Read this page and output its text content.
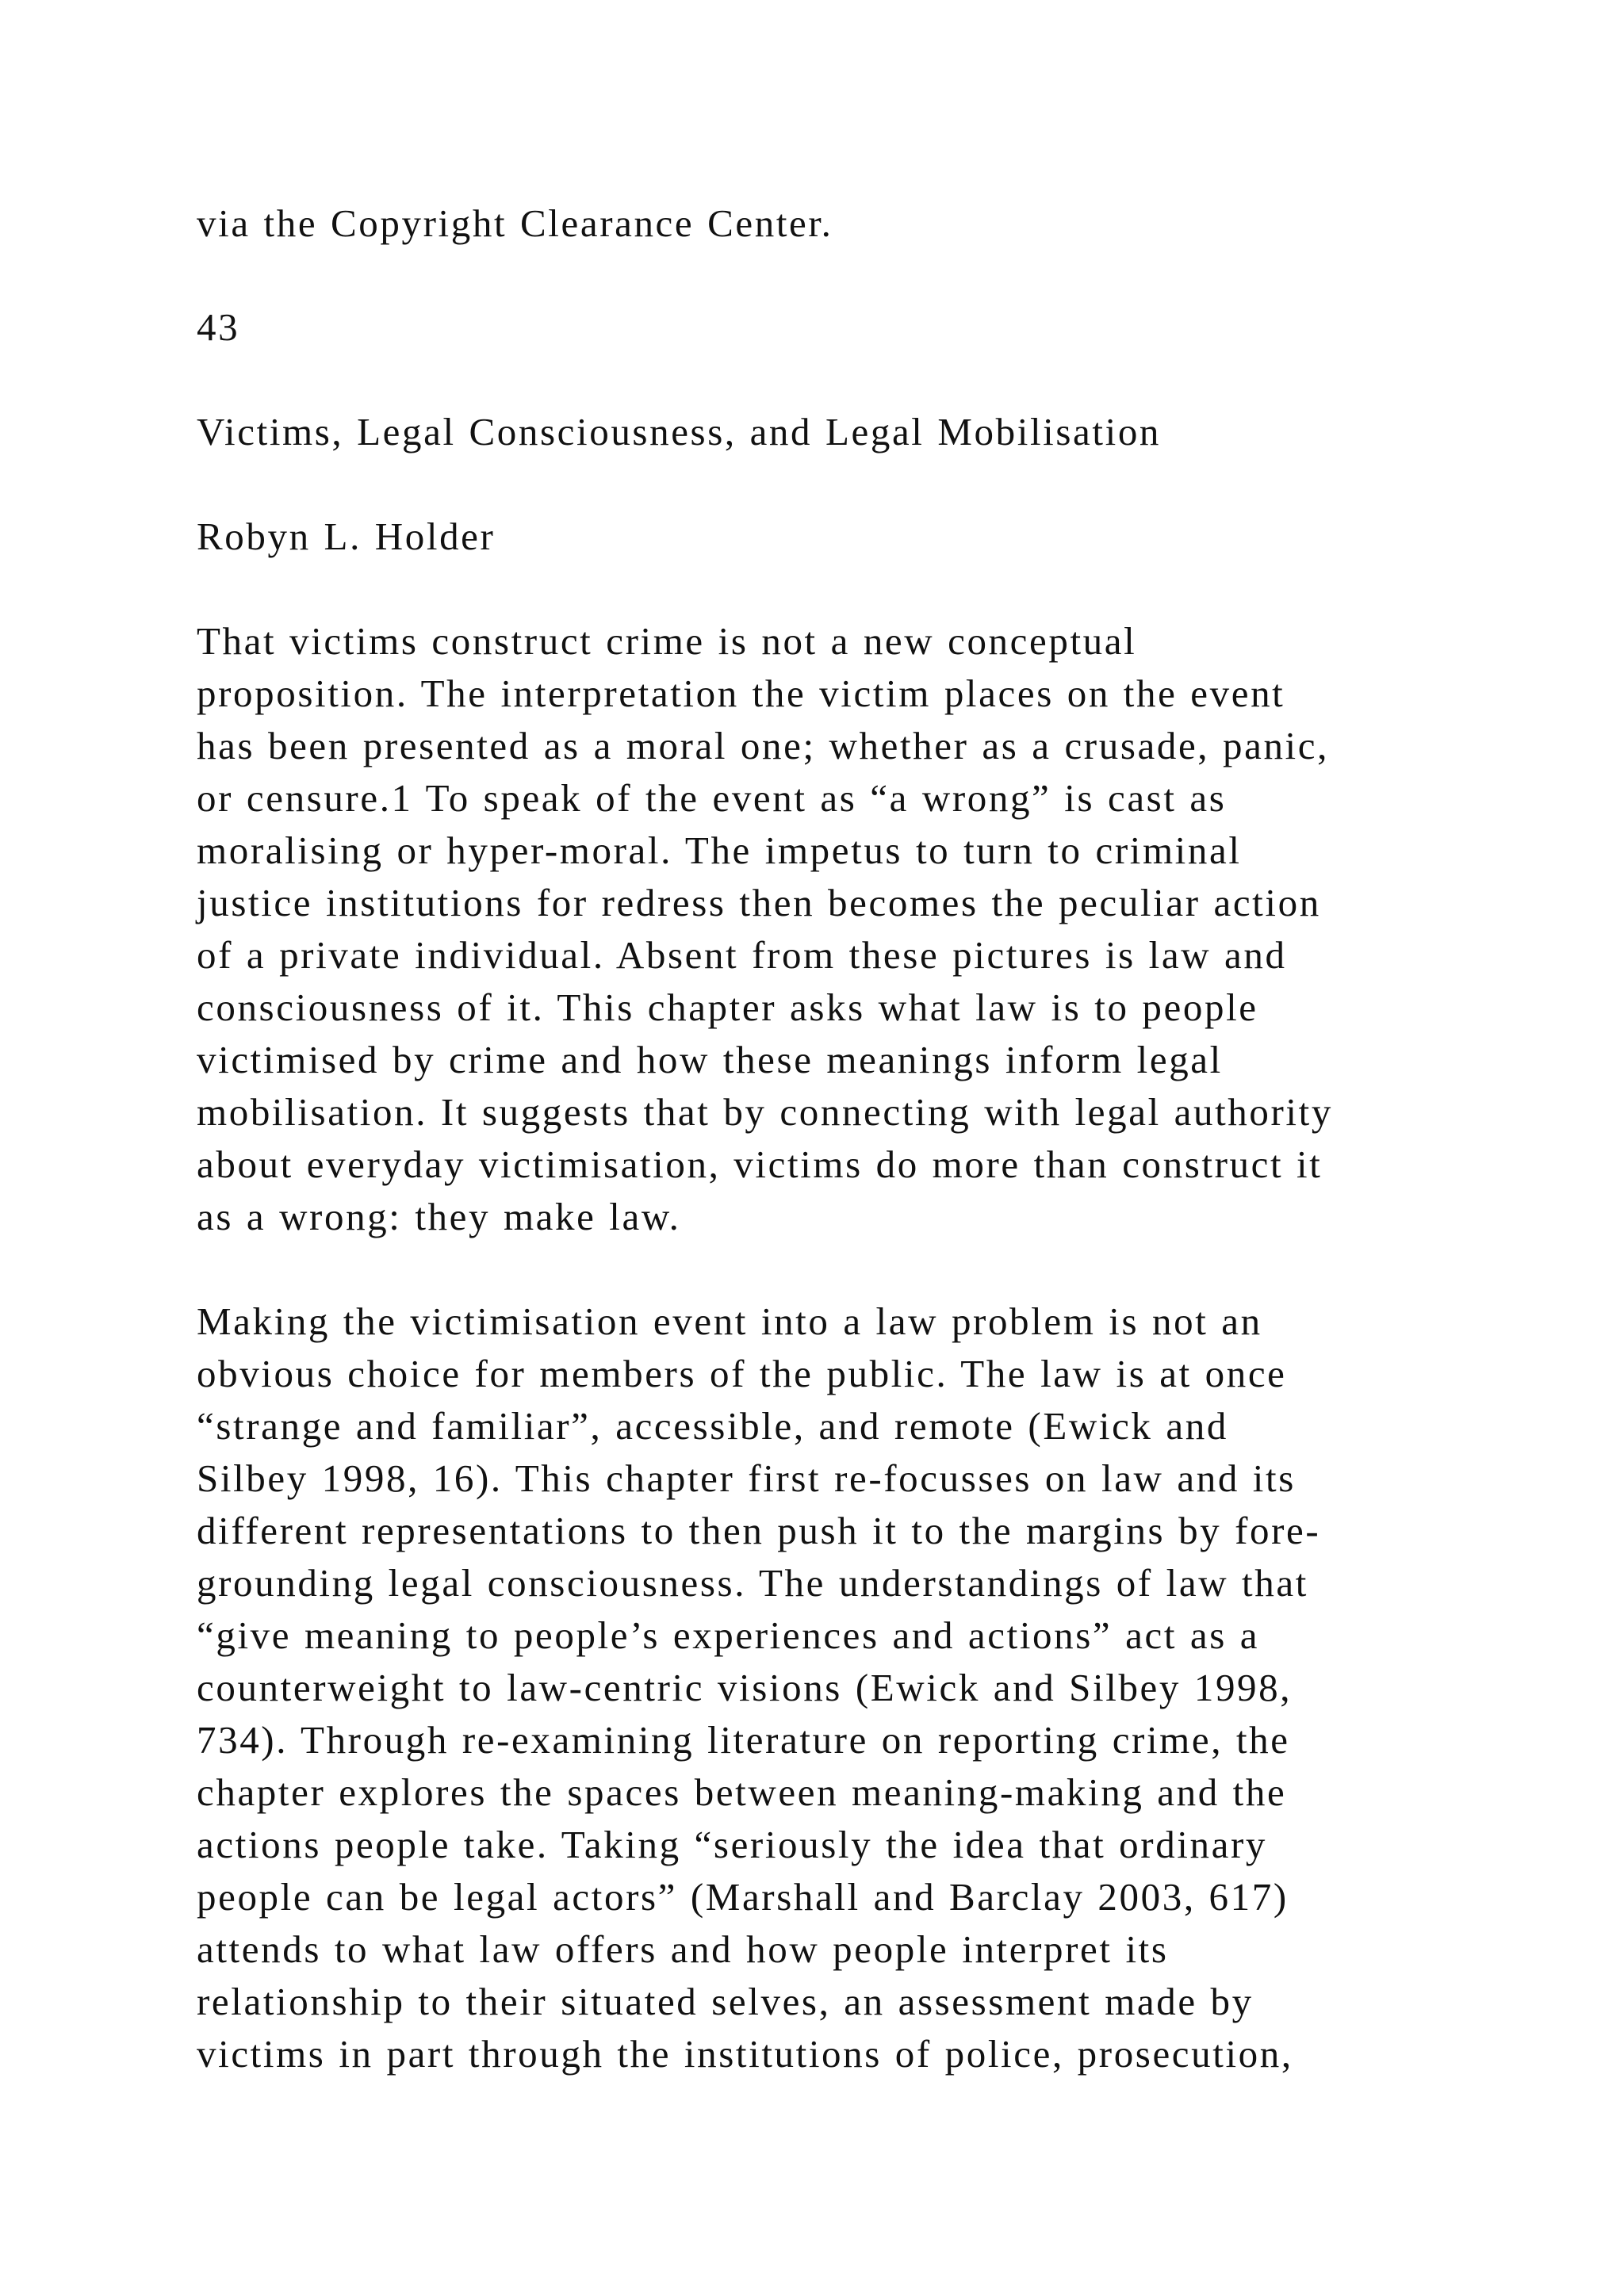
via the Copyright Clearance Center.

43

Victims, Legal Consciousness, and Legal Mobilisation

Robyn L. Holder

That victims construct crime is not a new conceptual

proposition. The interpretation the victim places on the event

has been presented as a moral one; whether as a crusade, panic,

or censure.1 To speak of the event as “a wrong” is cast as

moralising or hyper-moral. The impetus to turn to criminal

justice institutions for redress then becomes the peculiar action

of a private individual. Absent from these pictures is law and

consciousness of it. This chapter asks what law is to people

victimised by crime and how these meanings inform legal

mobilisation. It suggests that by connecting with legal authority

about everyday victimisation, victims do more than construct it

as a wrong: they make law.

Making the victimisation event into a law problem is not an

obvious choice for members of the public. The law is at once

“strange and familiar”, accessible, and remote (Ewick and

Silbey 1998, 16). This chapter first re-focusses on law and its

different representations to then push it to the margins by fore-

grounding legal consciousness. The understandings of law that

“give meaning to people’s experiences and actions” act as a

counterweight to law-centric visions (Ewick and Silbey 1998,

734). Through re-examining literature on reporting crime, the

chapter explores the spaces between meaning-making and the

actions people take. Taking “seriously the idea that ordinary

people can be legal actors” (Marshall and Barclay 2003, 617)

attends to what law offers and how people interpret its

relationship to their situated selves, an assessment made by

victims in part through the institutions of police, prosecution,
